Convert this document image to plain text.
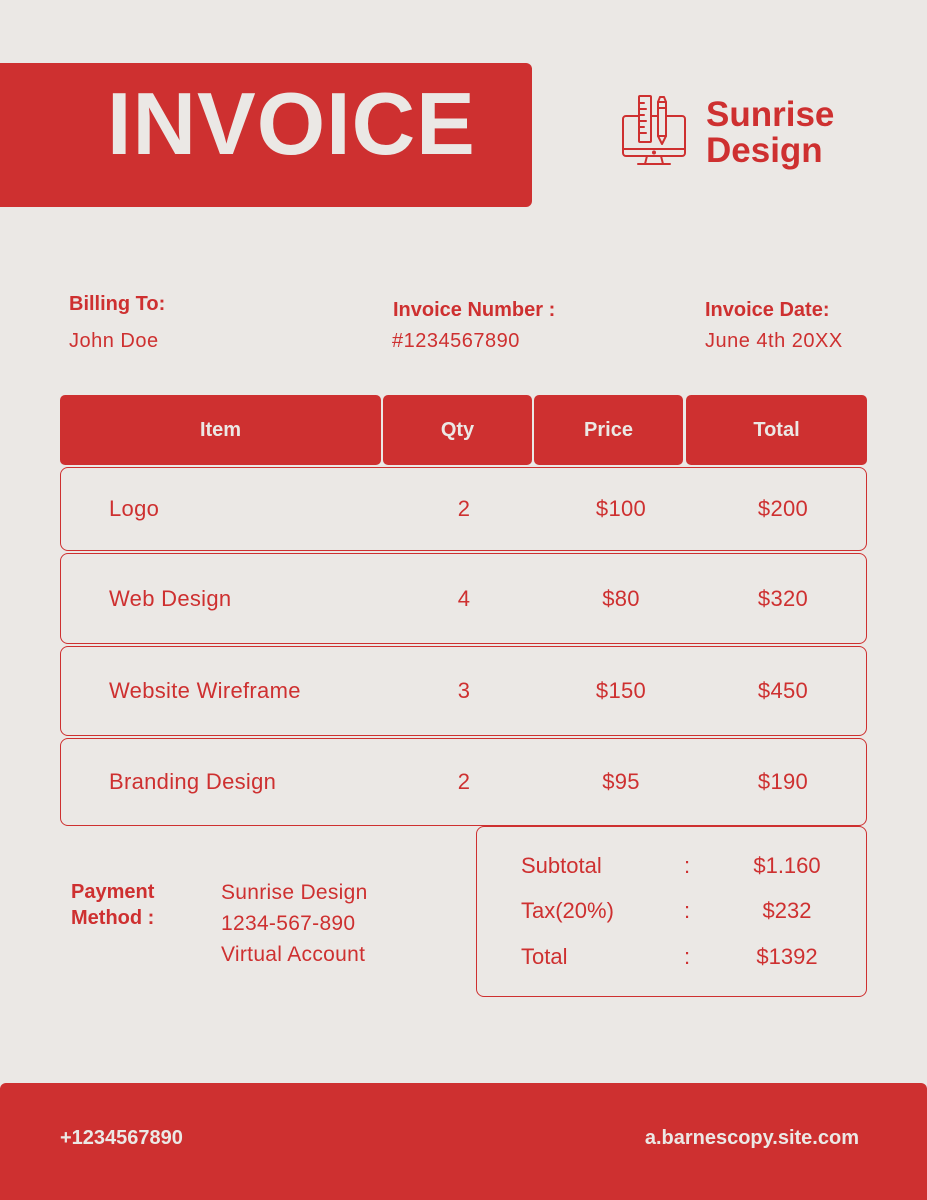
INVOICE	Sunrise
Design
Billing To:
John Doe
Invoice Number :
#1234567890
Invoice Date:
June 4th 20XX
Item	Qty	Price	Total
Logo	2	$100	$200
Web Design	4	$80	$320
Website Wireframe	3	$150	$450
Branding Design	2	$95	$190
Payment
Method :
Sunrise Design
1234-567-890
Virtual Account
Subtotal	:	$1.160
Tax(20%)	:	$232
Total	:	$1392
+1234567890	a.barnescopy.site.com
